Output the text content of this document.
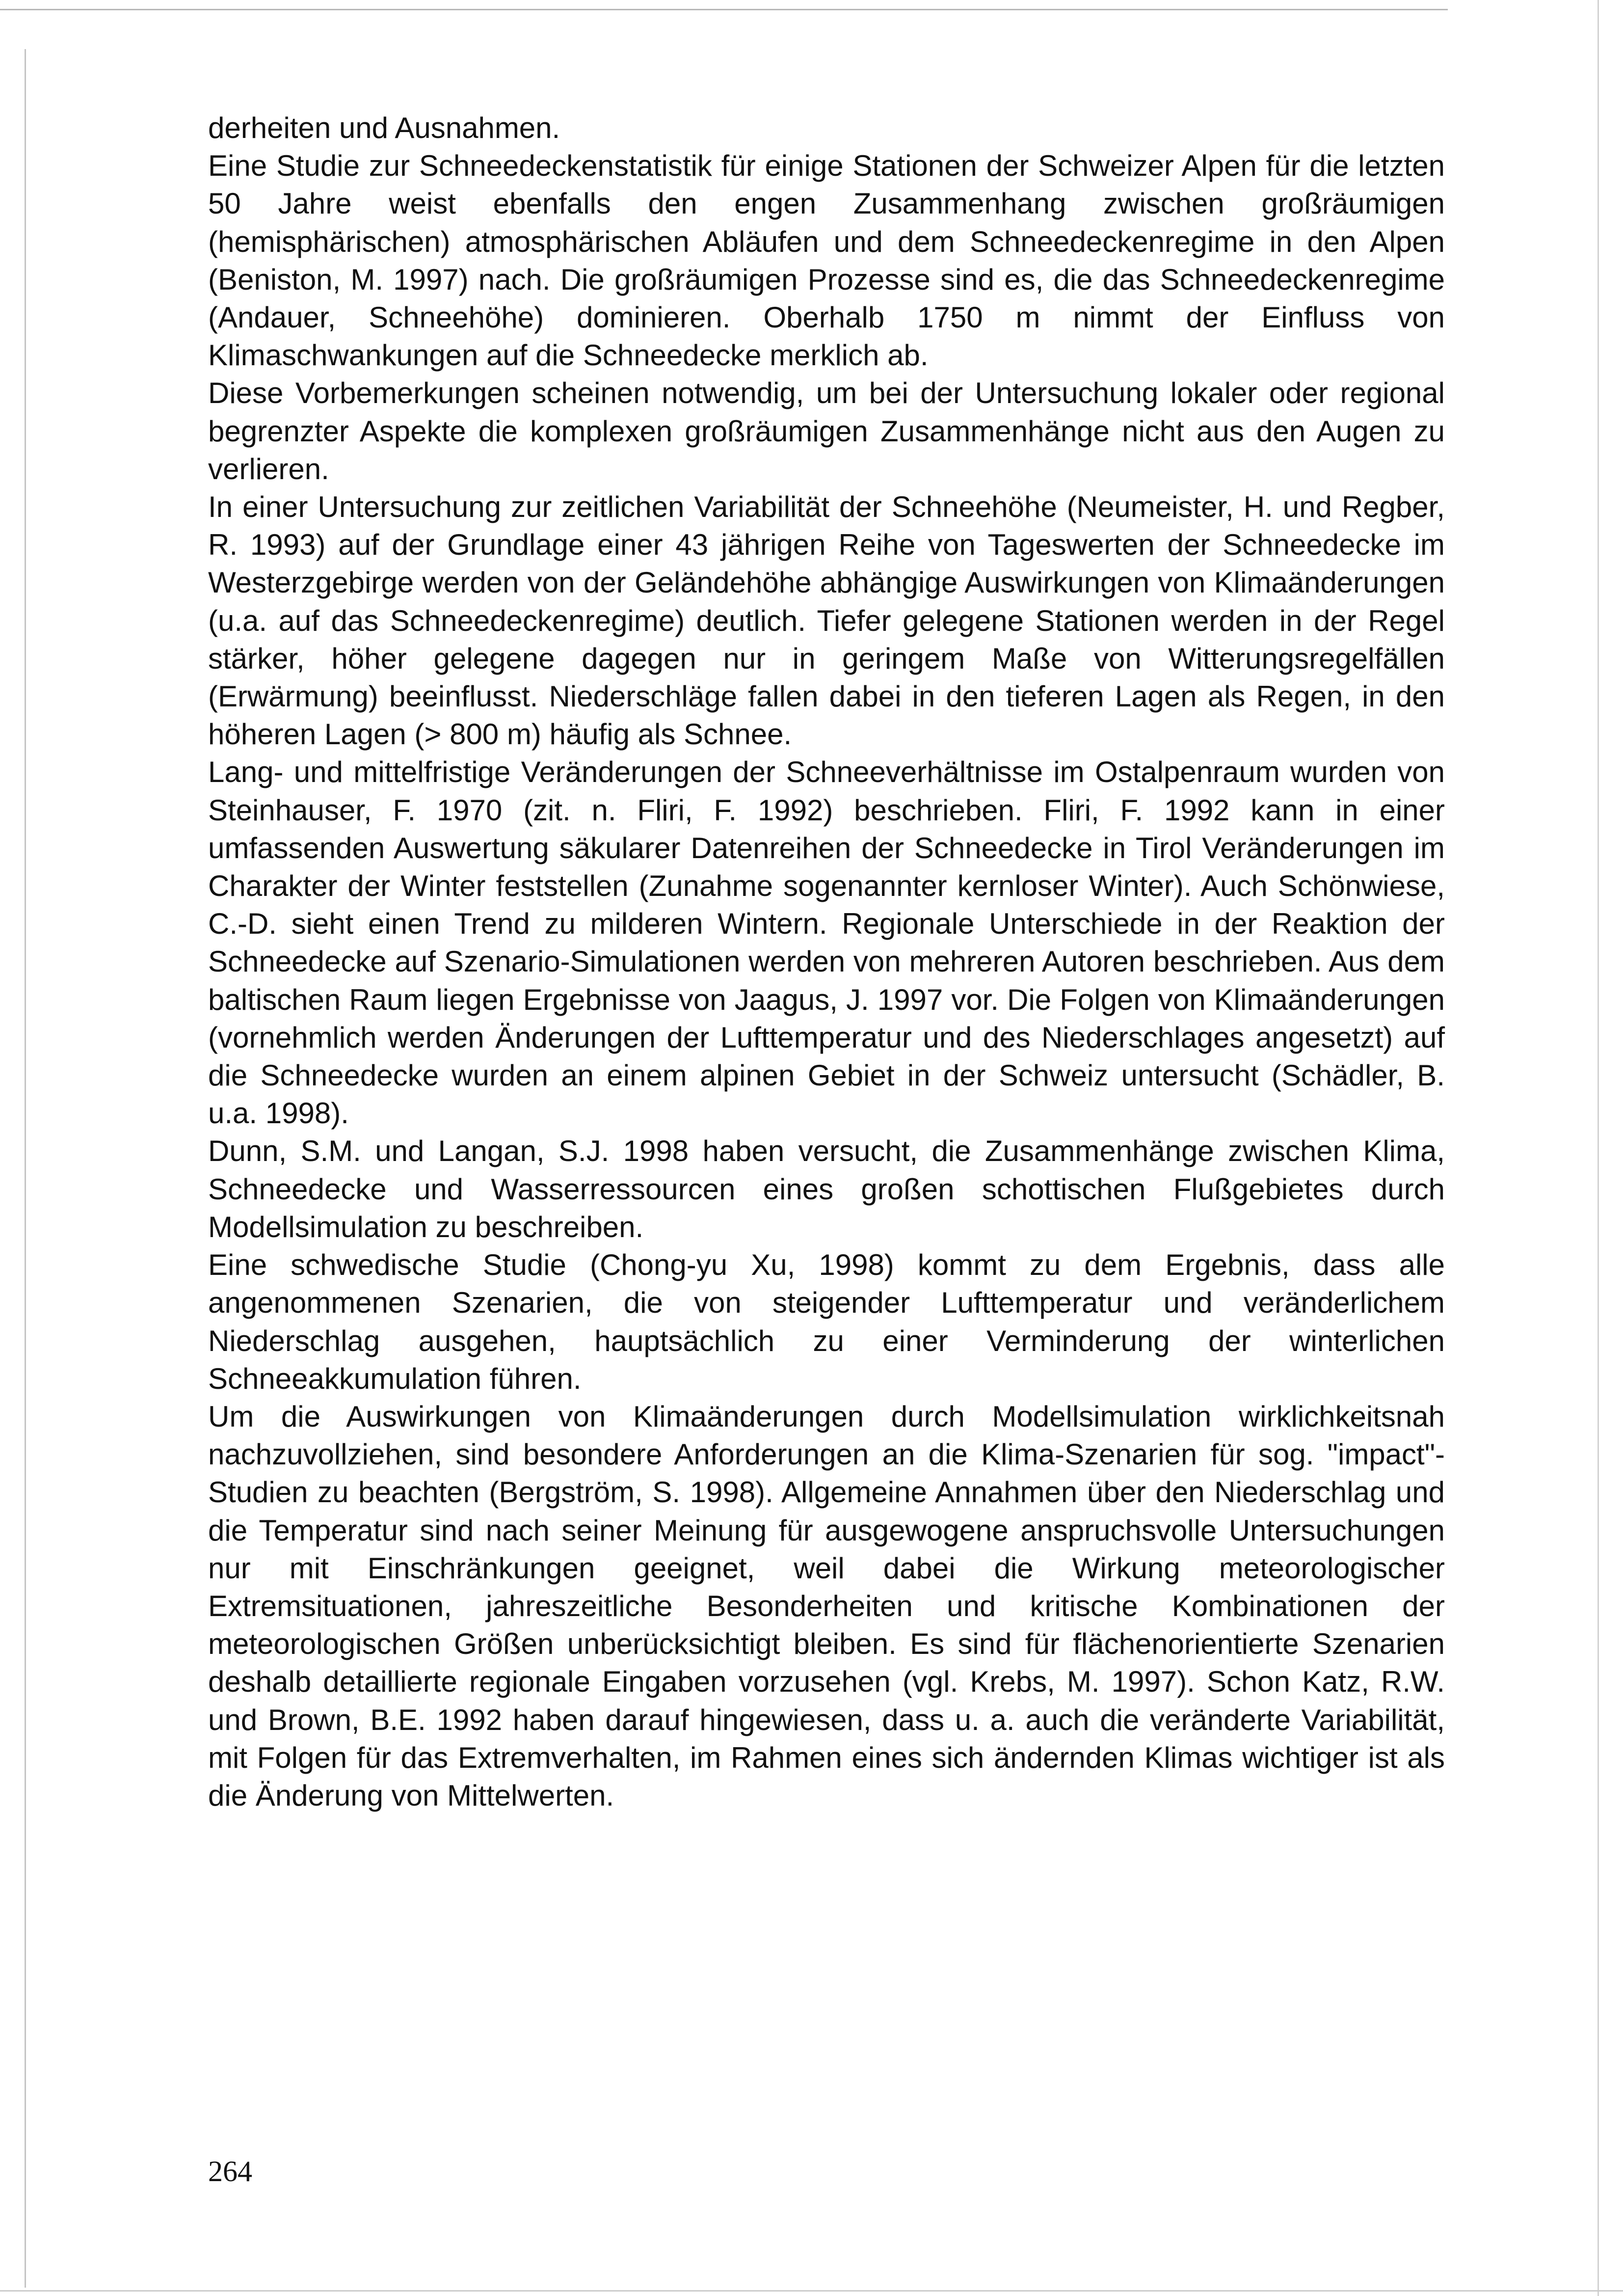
derheiten und Ausnahmen.

Eine Studie zur Schneedeckenstatistik für einige Stationen der Schweizer Alpen für die letzten 50 Jahre weist ebenfalls den engen Zusammenhang zwischen großräumigen (hemisphärischen) atmosphärischen Abläufen und dem Schneedeckenregime in den Alpen (Beniston, M. 1997) nach. Die großräumigen Prozesse sind es, die das Schneedeckenregime (Andauer, Schneehöhe) dominieren. Oberhalb 1750 m nimmt der Einfluss von Klimaschwankungen auf die Schneedecke merklich ab.

Diese Vorbemerkungen scheinen notwendig, um bei der Untersuchung lokaler oder regional begrenzter Aspekte die komplexen großräumigen Zusammenhänge nicht aus den Augen zu verlieren.

In einer Untersuchung zur zeitlichen Variabilität der Schneehöhe (Neumeister, H. und Regber, R. 1993) auf der Grundlage einer 43 jährigen Reihe von Tageswerten der Schneedecke im Westerzgebirge werden von der Geländehöhe abhängige Auswirkungen von Klimaänderungen (u.a. auf das Schneedeckenregime) deutlich. Tiefer gelegene Stationen werden in der Regel stärker, höher gelegene dagegen nur in geringem Maße von Witterungsregelfällen (Erwärmung) beeinflusst. Niederschläge fallen dabei in den tieferen Lagen als Regen, in den höheren Lagen (> 800 m) häufig als Schnee.

Lang- und mittelfristige Veränderungen der Schneeverhältnisse im Ostalpenraum wurden von Steinhauser, F. 1970 (zit. n. Fliri, F. 1992) beschrieben. Fliri, F. 1992 kann in einer umfassenden Auswertung säkularer Datenreihen der Schneedecke in Tirol Veränderungen im Charakter der Winter feststellen (Zunahme sogenannter kernloser Winter). Auch Schönwiese, C.-D. sieht einen Trend zu milderen Wintern. Regionale Unterschiede in der Reaktion der Schneedecke auf Szenario-Simulationen werden von mehreren Autoren beschrieben. Aus dem baltischen Raum liegen Ergebnisse von Jaagus, J. 1997 vor. Die Folgen von Klimaänderungen (vornehmlich werden Änderungen der Lufttemperatur und des Niederschlages angesetzt) auf die Schneedecke wurden an einem alpinen Gebiet in der Schweiz untersucht (Schädler, B. u.a. 1998).

Dunn, S.M. und Langan, S.J. 1998 haben versucht, die Zusammenhänge zwischen Klima, Schneedecke und Wasserressourcen eines großen schottischen Flußgebietes durch Modellsimulation zu beschreiben.

Eine schwedische Studie (Chong-yu Xu, 1998) kommt zu dem Ergebnis, dass alle angenommenen Szenarien, die von steigender Lufttemperatur und veränderlichem Niederschlag ausgehen, hauptsächlich zu einer Verminderung der winterlichen Schneeakkumulation führen.

Um die Auswirkungen von Klimaänderungen durch Modellsimulation wirklichkeitsnah nachzuvollziehen, sind besondere Anforderungen an die Klima-Szenarien für sog. "impact"- Studien zu beachten (Bergström, S. 1998). Allgemeine Annahmen über den Niederschlag und die Temperatur sind nach seiner Meinung für ausgewogene anspruchsvolle Untersuchungen nur mit Einschränkungen geeignet, weil dabei die Wirkung meteorologischer Extremsituationen, jahreszeitliche Besonderheiten und kritische Kombinationen der meteorologischen Größen unberücksichtigt bleiben. Es sind für flächenorientierte Szenarien deshalb detaillierte regionale Eingaben vorzusehen (vgl. Krebs, M. 1997). Schon Katz, R.W. und Brown, B.E. 1992 haben darauf hingewiesen, dass u. a. auch die veränderte Variabilität, mit Folgen für das Extremverhalten, im Rahmen eines sich ändernden Klimas wichtiger ist als die Änderung von Mittelwerten.

264
